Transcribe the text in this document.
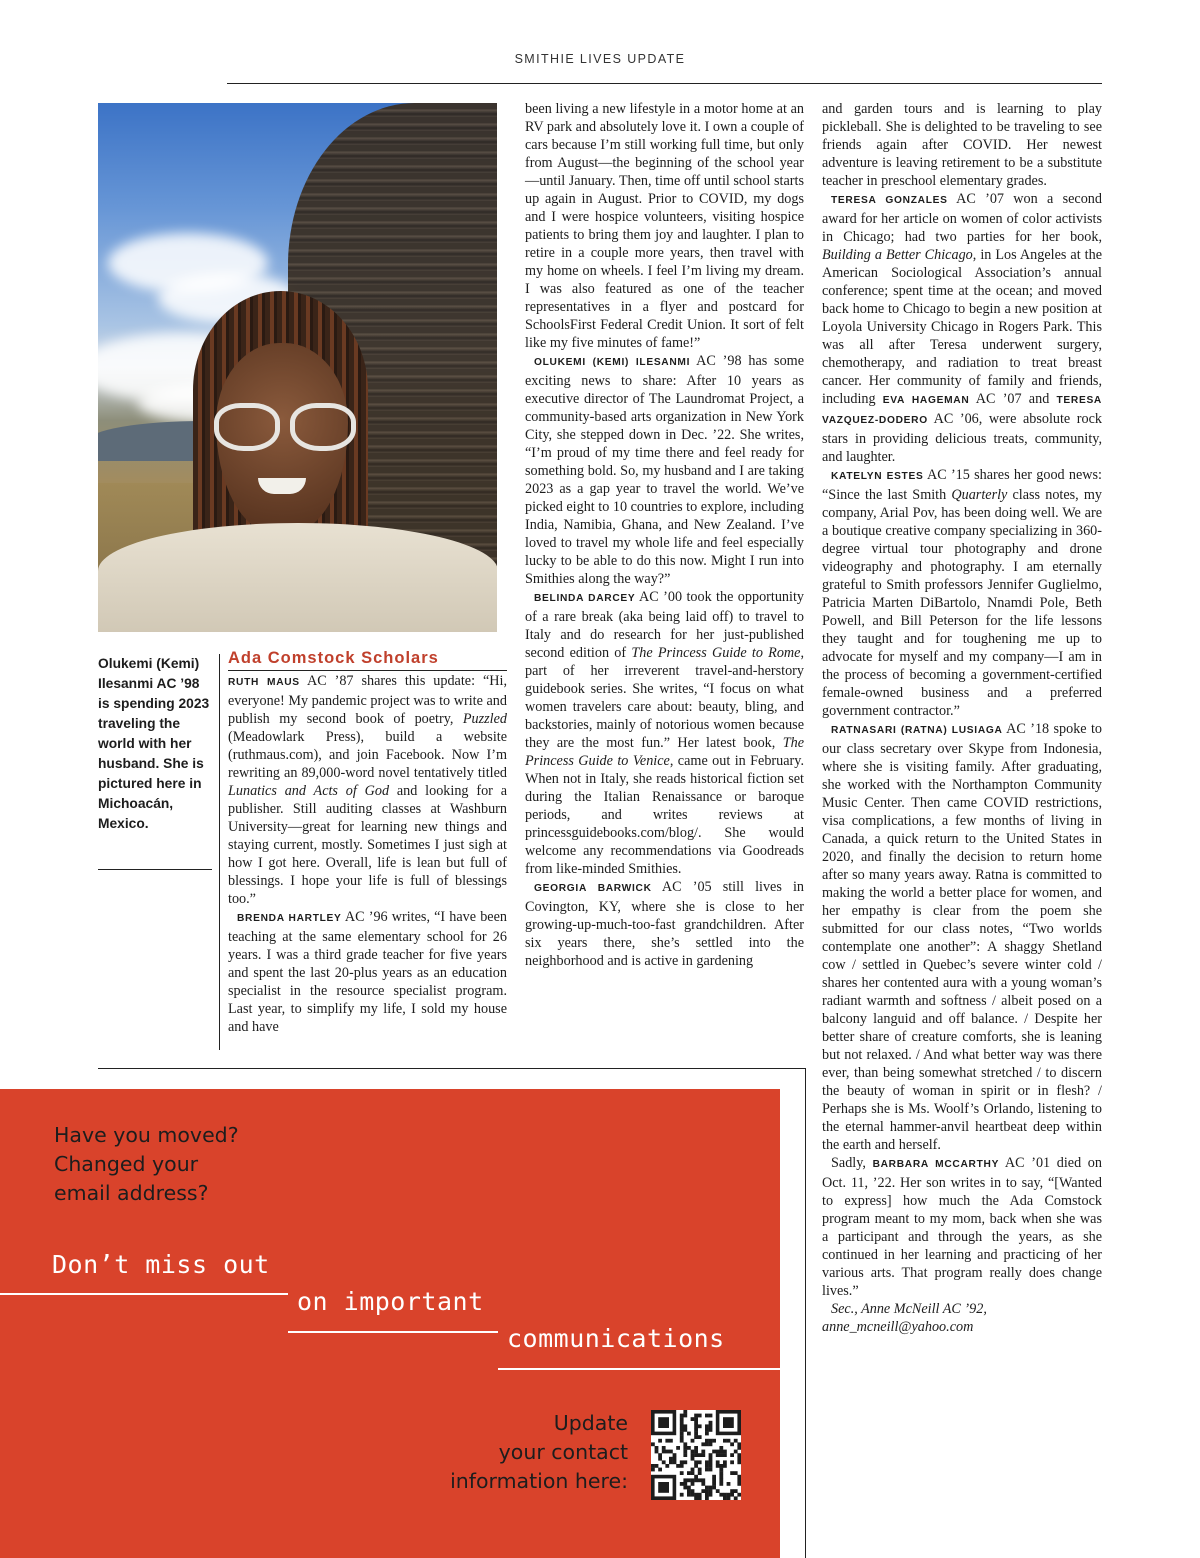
SMITHIE LIVES UPDATE
Olukemi (Kemi) Ilesanmi AC ’98 is spending 2023 traveling the world with her husband. She is pictured here in Michoacán, Mexico.
Ada Comstock Scholars

RUTH MAUS AC ’87 shares this update: “Hi, everyone! My pandemic project was to write and publish my second book of poetry, Puzzled (Meadowlark Press), build a website (ruthmaus.com), and join Facebook. Now I’m rewriting an 89,000-word novel tentatively titled Lunatics and Acts of God and looking for a publisher. Still auditing classes at Washburn University—great for learning new things and staying current, mostly. Sometimes I just sigh at how I got here. Overall, life is lean but full of blessings. I hope your life is full of blessings too.”

BRENDA HARTLEY AC ’96 writes, “I have been teaching at the same elementary school for 26 years. I was a third grade teacher for five years and spent the last 20-plus years as an education specialist in the resource specialist program. Last year, to simplify my life, I sold my house and have

been living a new lifestyle in a motor home at an RV park and absolutely love it. I own a couple of cars because I’m still working full time, but only from August—the beginning of the school year—until January. Then, time off until school starts up again in August. Prior to COVID, my dogs and I were hospice volunteers, visiting hospice patients to bring them joy and laughter. I plan to retire in a couple more years, then travel with my home on wheels. I feel I’m living my dream. I was also featured as one of the teacher representatives in a flyer and postcard for SchoolsFirst Federal Credit Union. It sort of felt like my five minutes of fame!”

OLUKEMI (KEMI) ILESANMI AC ’98 has some exciting news to share: After 10 years as executive director of The Laundromat Project, a community-based arts organization in New York City, she stepped down in Dec. ’22. She writes, “I’m proud of my time there and feel ready for something bold. So, my husband and I are taking 2023 as a gap year to travel the world. We’ve picked eight to 10 countries to explore, including India, Namibia, Ghana, and New Zealand. I’ve loved to travel my whole life and feel especially lucky to be able to do this now. Might I run into Smithies along the way?”

BELINDA DARCEY AC ’00 took the opportunity of a rare break (aka being laid off) to travel to Italy and do research for her just-published second edition of The Princess Guide to Rome, part of her irreverent travel-and-herstory guidebook series. She writes, “I focus on what women travelers care about: beauty, bling, and backstories, mainly of notorious women because they are the most fun.” Her latest book, The Princess Guide to Venice, came out in February. When not in Italy, she reads historical fiction set during the Italian Renaissance or baroque periods, and writes reviews at princessguidebooks.com/blog/. She would welcome any recommendations via Goodreads from like-minded Smithies.

GEORGIA BARWICK AC ’05 still lives in Covington, KY, where she is close to her growing-up-much-too-fast grandchildren. After six years there, she’s settled into the neighborhood and is active in gardening

and garden tours and is learning to play pickleball. She is delighted to be traveling to see friends again after COVID. Her newest adventure is leaving retirement to be a substitute teacher in preschool elementary grades.

TERESA GONZALES AC ’07 won a second award for her article on women of color activists in Chicago; had two parties for her book, Building a Better Chicago, in Los Angeles at the American Sociological Association’s annual conference; spent time at the ocean; and moved back home to Chicago to begin a new position at Loyola University Chicago in Rogers Park. This was all after Teresa underwent surgery, chemotherapy, and radiation to treat breast cancer. Her community of family and friends, including EVA HAGEMAN AC ’07 and TERESA VAZQUEZ-DODERO AC ’06, were absolute rock stars in providing delicious treats, community, and laughter.

KATELYN ESTES AC ’15 shares her good news: “Since the last Smith Quarterly class notes, my company, Arial Pov, has been doing well. We are a boutique creative company specializing in 360-degree virtual tour photography and drone videography and photography. I am eternally grateful to Smith professors Jennifer Guglielmo, Patricia Marten DiBartolo, Nnamdi Pole, Beth Powell, and Bill Peterson for the life lessons they taught and for toughening me up to advocate for myself and my company—I am in the process of becoming a government-certified female-owned business and a preferred government contractor.”

RATNASARI (RATNA) LUSIAGA AC ’18 spoke to our class secretary over Skype from Indonesia, where she is visiting family. After graduating, she worked with the Northampton Community Music Center. Then came COVID restrictions, visa complications, a few months of living in Canada, a quick return to the United States in 2020, and finally the decision to return home after so many years away. Ratna is committed to making the world a better place for women, and her empathy is clear from the poem she submitted for our class notes, “Two worlds contemplate one another”: A shaggy Shetland cow / settled in Quebec’s severe winter cold / shares her contented aura with a young woman’s radiant warmth and softness / albeit posed on a balcony languid and off balance. / Despite her better share of creature comforts, she is leaning but not relaxed. / And what better way was there ever, than being somewhat stretched / to discern the beauty of woman in spirit or in flesh? / Perhaps she is Ms. Woolf’s Orlando, listening to the eternal hammer-anvil heartbeat deep within the earth and herself.

Sadly, BARBARA MCCARTHY AC ’01 died on Oct. 11, ’22. Her son writes in to say, “[Wanted to express] how much the Ada Comstock program meant to my mom, back when she was a participant and through the years, as she continued in her learning and practicing of her various arts. That program really does change lives.”

Sec., Anne McNeill AC ’92,

anne_mcneill@yahoo.com

Have you moved?
Changed your
email address?
Don’t miss out
on important
communications
Update
your contact
information here:
